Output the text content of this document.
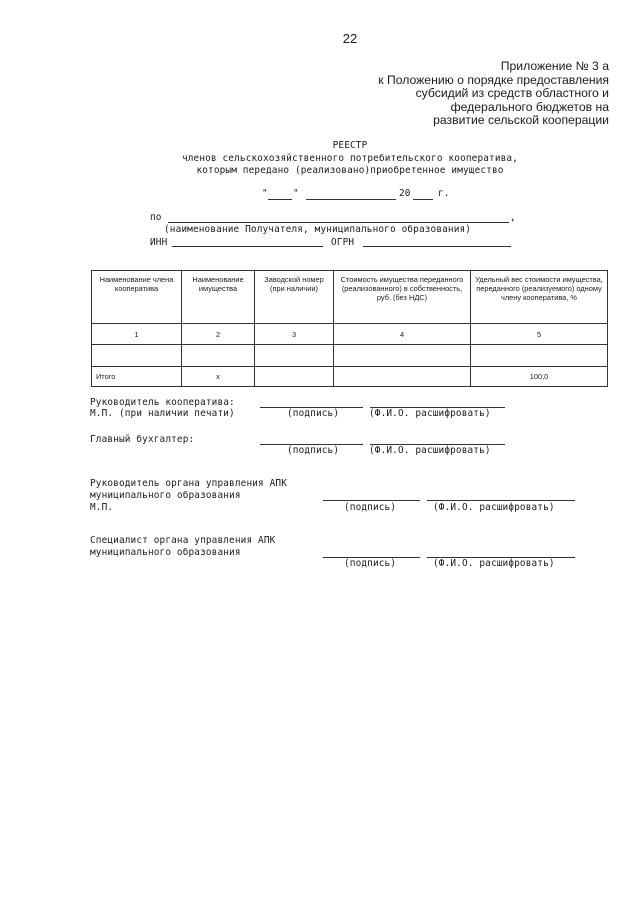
22
Приложение № 3 а
к Положению о порядке предоставления
субсидий из средств областного и
федерального бюджетов на
развитие сельской кооперации
РЕЕСТР
членов сельскохозяйственного потребительского кооператива,
которым передано (реализовано)приобретенное имущество
"	"	20	г.
по	,
(наименование Получателя, муниципального образования)
ИНН	ОГРН
Наименование члена кооператива	Наименование имущества	Заводской номер (при наличии)	Стоимость имущества переданного (реализованного) в собственность, руб. (без НДС)	Удельный вес стоимости имущества, переданного (реализуемого) одному члену кооператива, %
1	2	3	4	5

Итого	х			100,0
Руководитель кооператива:
М.П. (при наличии печати)	(подпись)	(Ф.И.О. расшифровать)
Главный бухгалтер:
(подпись)	(Ф.И.О. расшифровать)
Руководитель органа управления АПК
муниципального образования
М.П.	(подпись)	(Ф.И.О. расшифровать)
Специалист органа управления АПК
муниципального образования
(подпись)	(Ф.И.О. расшифровать)
